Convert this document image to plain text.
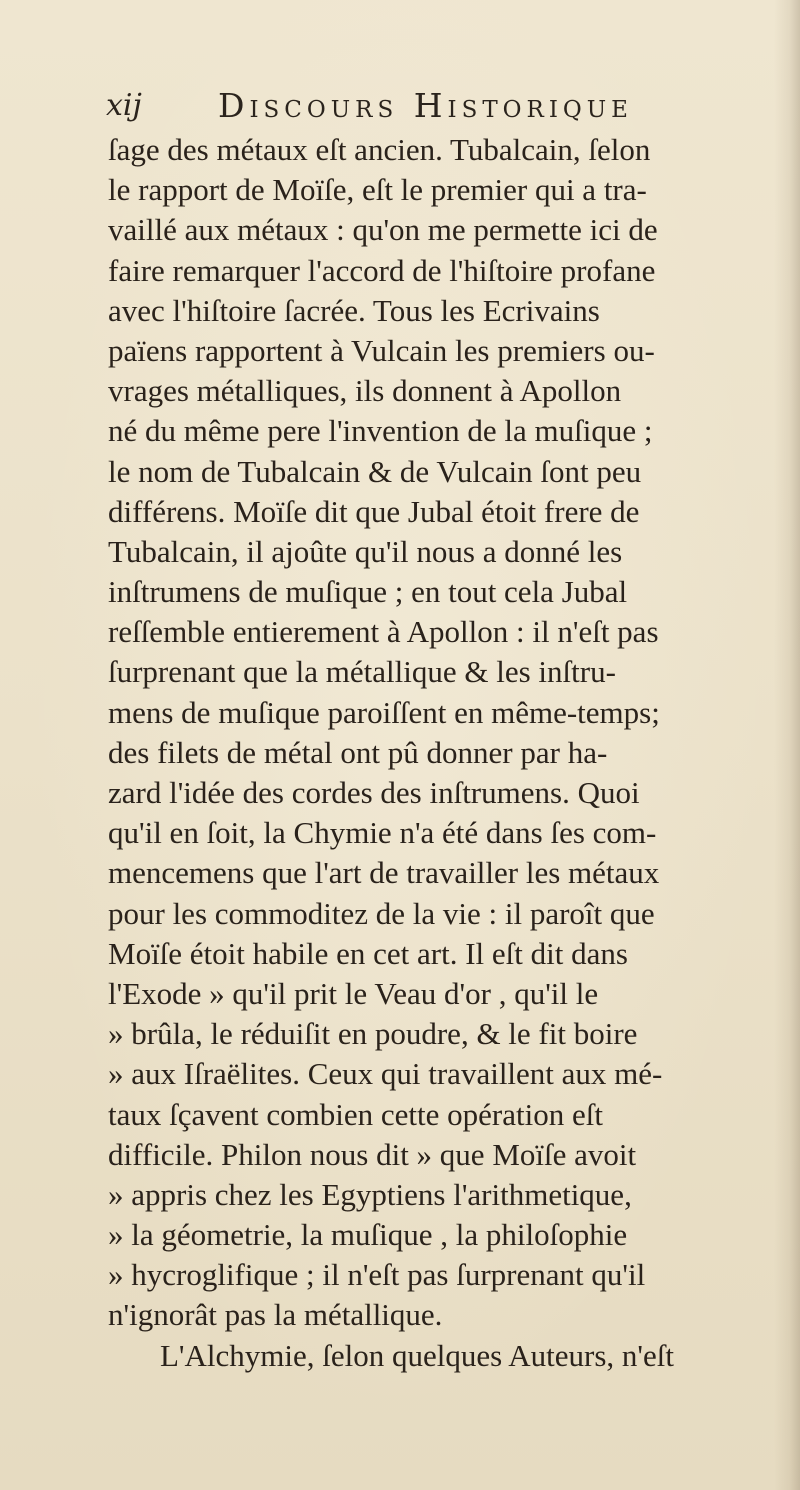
xij Discours Historique
ſage des métaux eſt ancien. Tubalcain, ſelon
le rapport de Moïſe, eſt le premier qui a tra-
vaillé aux métaux : qu'on me permette ici de
faire remarquer l'accord de l'hiſtoire profane
avec l'hiſtoire ſacrée. Tous les Ecrivains
païens rapportent à Vulcain les premiers ou-
vrages métalliques, ils donnent à Apollon
né du même pere l'invention de la muſique ;
le nom de Tubalcain & de Vulcain ſont peu
différens. Moïſe dit que Jubal étoit frere de
Tubalcain, il ajoûte qu'il nous a donné les
inſtrumens de muſique ; en tout cela Jubal
reſſemble entierement à Apollon : il n'eſt pas
ſurprenant que la métallique & les inſtru-
mens de muſique paroiſſent en même-temps;
des filets de métal ont pû donner par ha-
zard l'idée des cordes des inſtrumens. Quoi
qu'il en ſoit, la Chymie n'a été dans ſes com-
mencemens que l'art de travailler les métaux
pour les commoditez de la vie : il paroît que
Moïſe étoit habile en cet art. Il eſt dit dans
l'Exode » qu'il prit le Veau d'or , qu'il le
» brûla, le réduiſit en poudre, & le fit boire
» aux Iſraëlites. Ceux qui travaillent aux mé-
taux ſçavent combien cette opération eſt
difficile. Philon nous dit » que Moïſe avoit
» appris chez les Egyptiens l'arithmetique,
» la géometrie, la muſique , la philoſophie
» hycroglifique ; il n'eſt pas ſurprenant qu'il
n'ignorât pas la métallique.
L'Alchymie, ſelon quelques Auteurs, n'eſt
